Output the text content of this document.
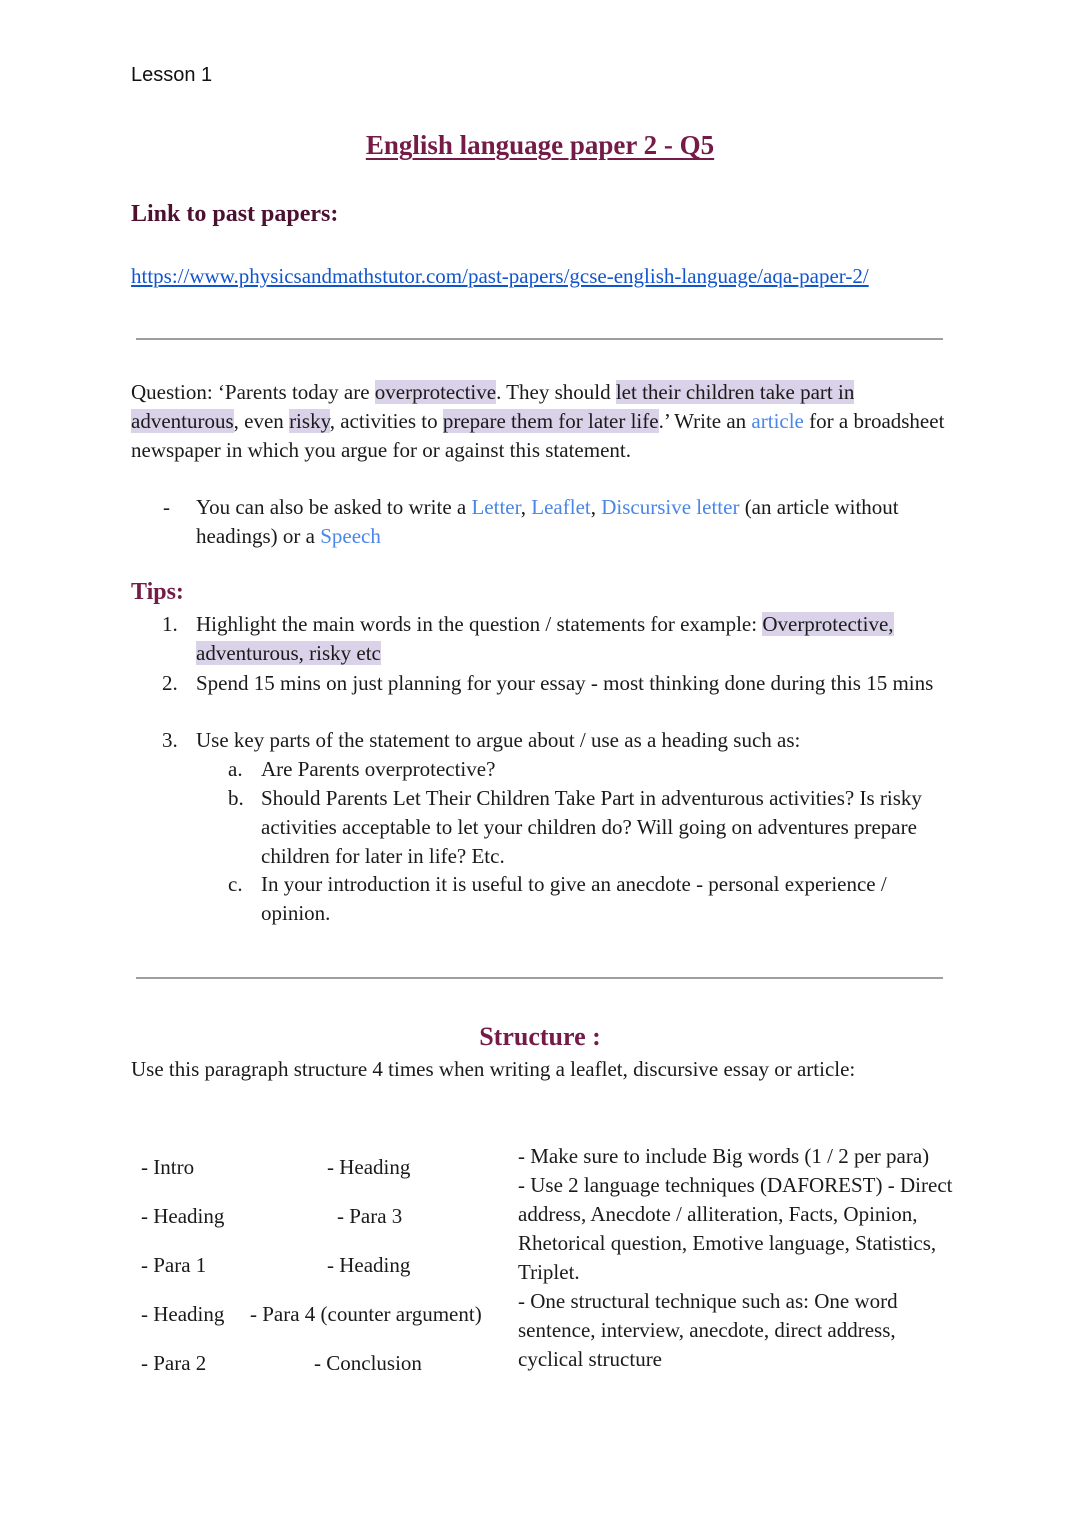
Lesson 1
English language paper 2 - Q5
Link to past papers:
https://www.physicsandmathstutor.com/past-papers/gcse-english-language/aqa-paper-2/
Question: ‘Parents today are overprotective. They should let their children take part in adventurous, even risky, activities to prepare them for later life.’ Write an article for a broadsheet newspaper in which you argue for or against this statement.
- You can also be asked to write a Letter, Leaflet, Discursive letter (an article without headings) or a Speech
Tips:
1. Highlight the main words in the question / statements for example: Overprotective, adventurous, risky etc
2. Spend 15 mins on just planning for your essay - most thinking done during this 15 mins
3. Use key parts of the statement to argue about / use as a heading such as:
a. Are Parents overprotective?
b. Should Parents Let Their Children Take Part in adventurous activities? Is risky activities acceptable to let your children do? Will going on adventures prepare children for later in life? Etc.
c. In your introduction it is useful to give an anecdote - personal experience / opinion.
Structure :
Use this paragraph structure 4 times when writing a leaflet, discursive essay or article:
- Intro
- Heading
- Para 1
- Heading
- Para 2
- Heading
- Para 3
- Heading
- Para 4 (counter argument)
- Conclusion
- Make sure to include Big words (1 / 2 per para)
- Use 2 language techniques (DAFOREST) - Direct address, Anecdote / alliteration, Facts, Opinion, Rhetorical question, Emotive language, Statistics, Triplet.
- One structural technique such as: One word sentence, interview, anecdote, direct address, cyclical structure
